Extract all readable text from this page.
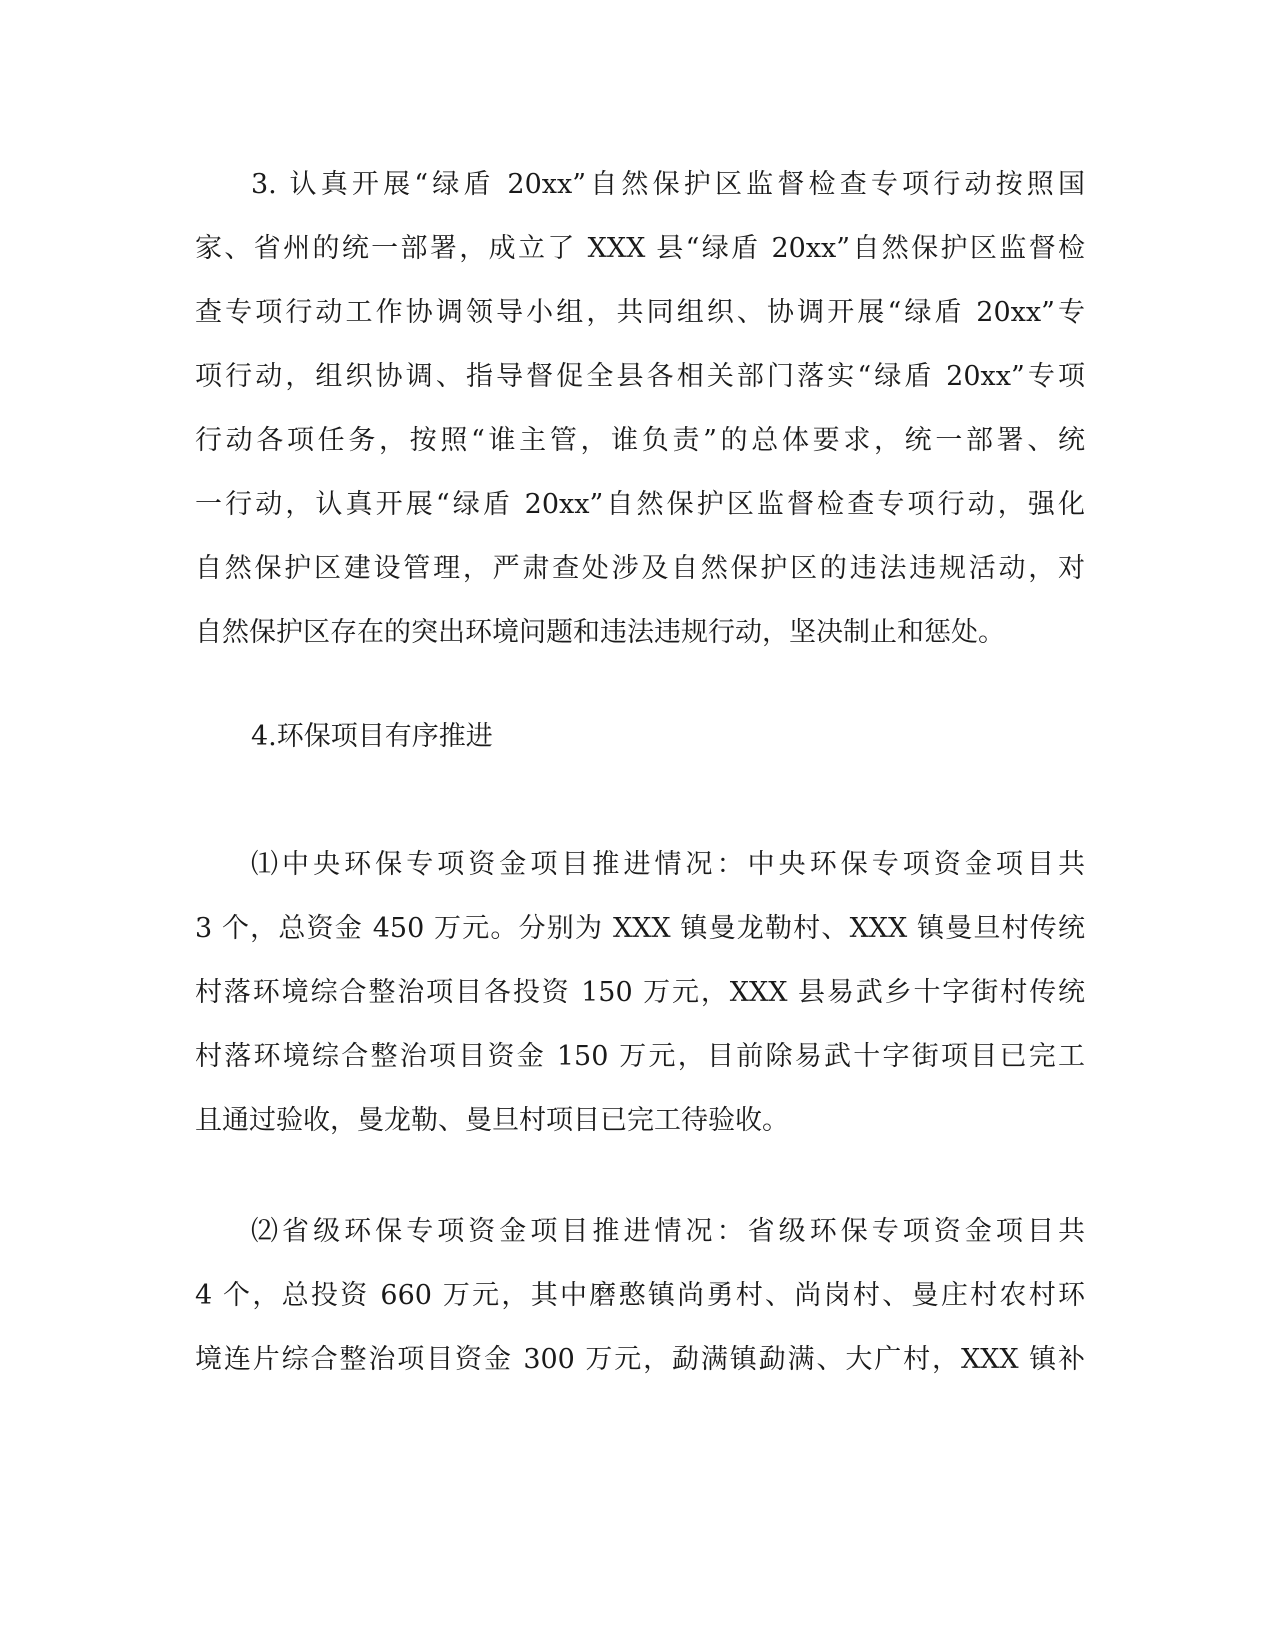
3. 认真开展“绿盾 20xx”自然保护区监督检查专项行动按照国
家、省州的统一部署，成立了 XXX 县“绿盾 20xx”自然保护区监督检
查专项行动工作协调领导小组，共同组织、协调开展“绿盾 20xx”专
项行动，组织协调、指导督促全县各相关部门落实“绿盾 20xx”专项
行动各项任务，按照“谁主管，谁负责”的总体要求，统一部署、统
一行动，认真开展“绿盾 20xx”自然保护区监督检查专项行动，强化
自然保护区建设管理，严肃查处涉及自然保护区的违法违规活动，对
自然保护区存在的突出环境问题和违法违规行动，坚决制止和惩处。
4.环保项目有序推进
⑴中央环保专项资金项目推进情况：中央环保专项资金项目共
3 个，总资金 450 万元。分别为 XXX 镇曼龙勒村、XXX 镇曼旦村传统
村落环境综合整治项目各投资 150 万元，XXX 县易武乡十字街村传统
村落环境综合整治项目资金 150 万元，目前除易武十字街项目已完工
且通过验收，曼龙勒、曼旦村项目已完工待验收。
⑵省级环保专项资金项目推进情况：省级环保专项资金项目共
4 个，总投资 660 万元，其中磨憨镇尚勇村、尚岗村、曼庄村农村环
境连片综合整治项目资金 300 万元，勐满镇勐满、大广村，XXX 镇补
